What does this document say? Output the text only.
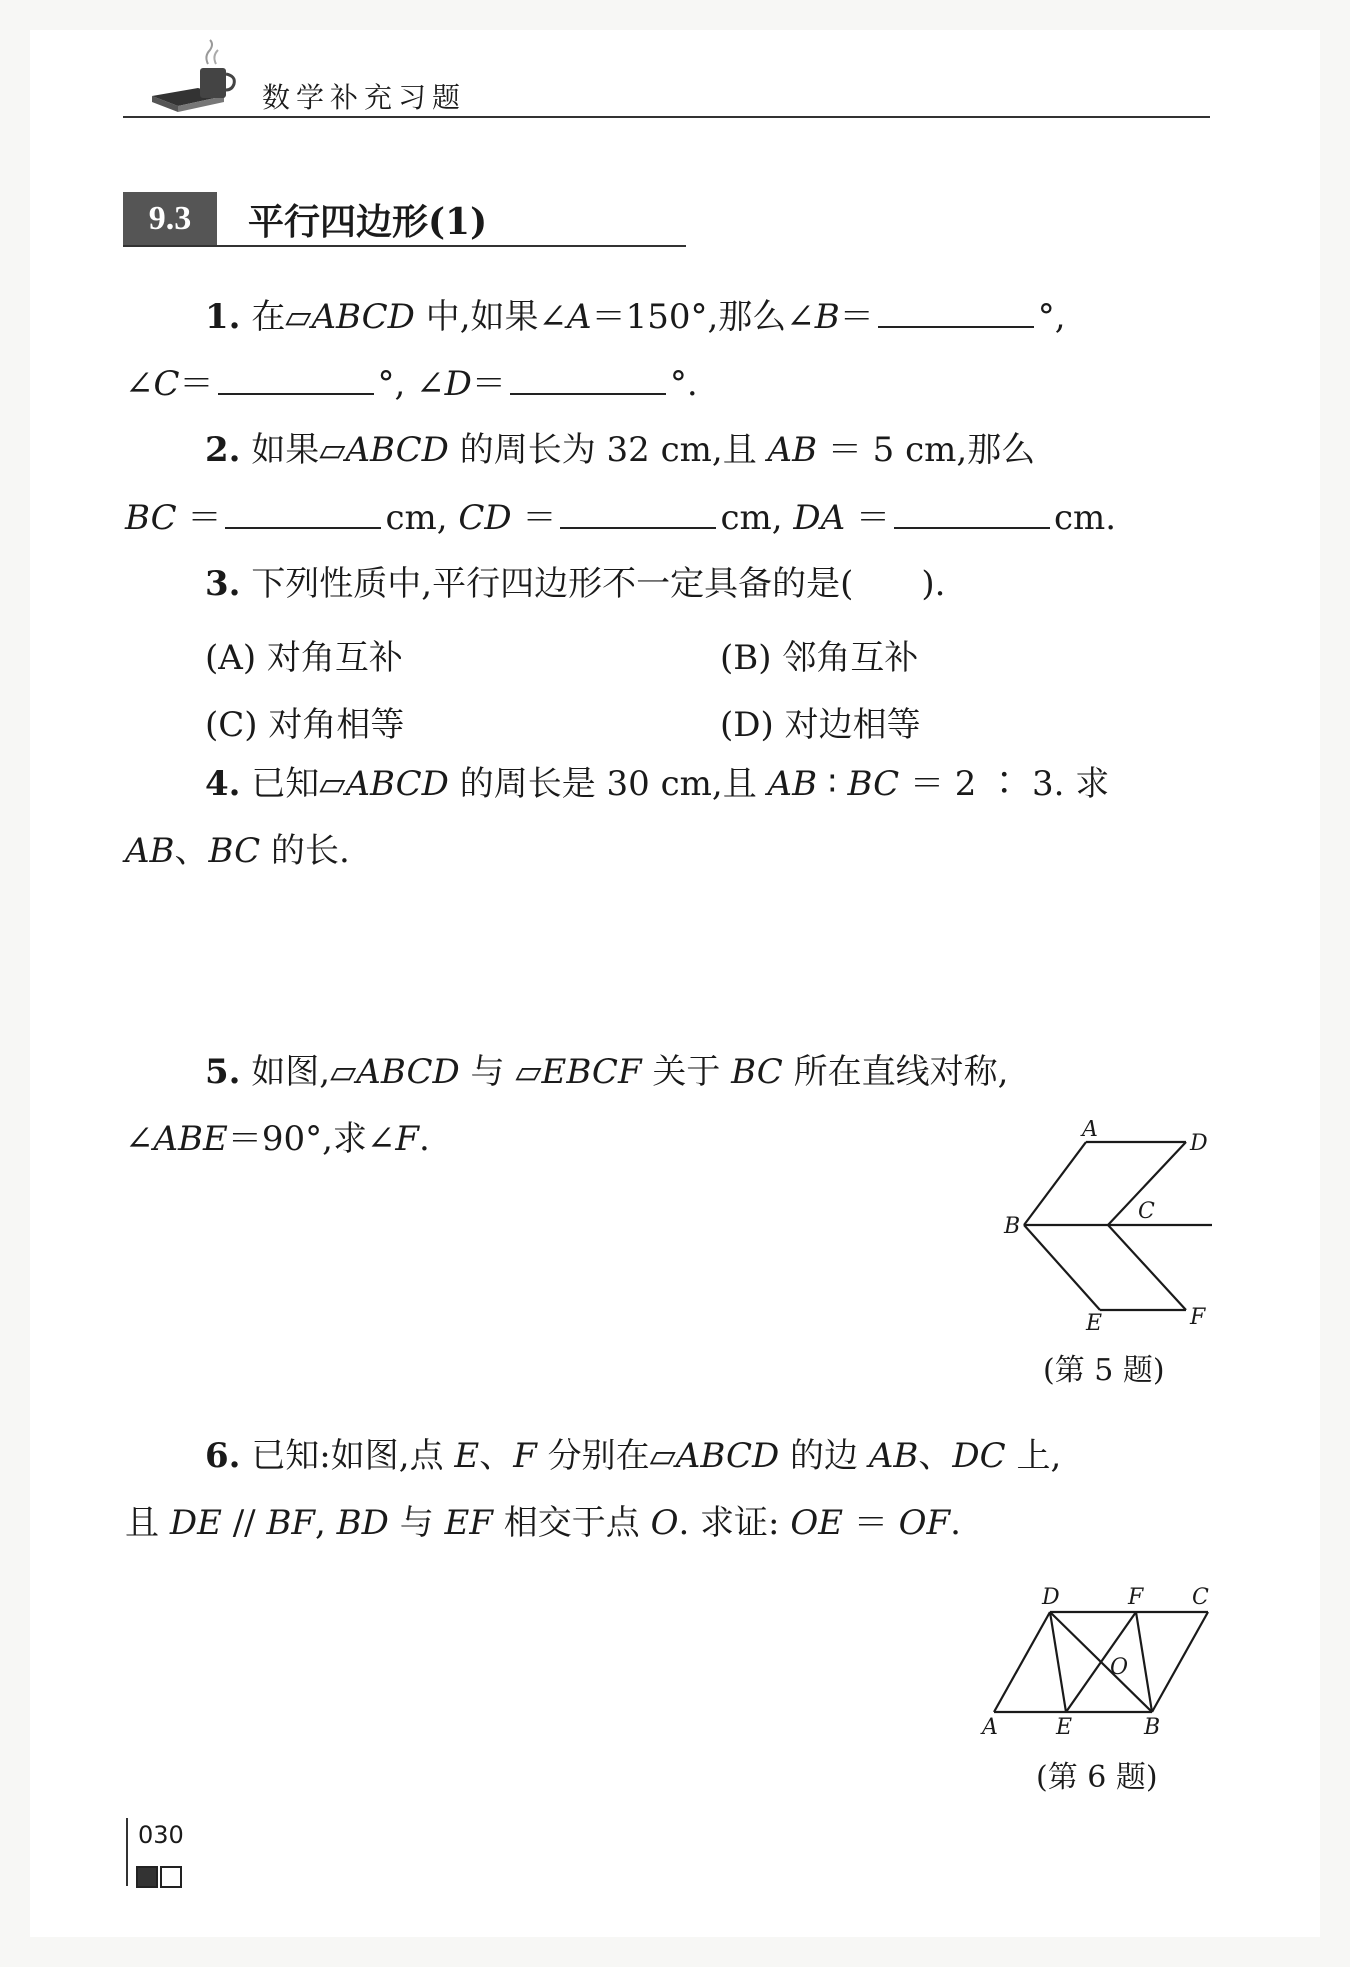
数学补充习题
9.3	平行四边形(1)
1. 在▱ABCD 中,如果∠A＝150°,那么∠B＝	°,
∠C＝	°, ∠D＝	°.
2. 如果▱ABCD 的周长为 32 cm,且 AB ＝ 5 cm,那么
BC ＝	cm, CD ＝	cm, DA ＝	cm.
3. 下列性质中,平行四边形不一定具备的是(　　).
(A) 对角互补	(B) 邻角互补
(C) 对角相等	(D) 对边相等
4. 已知▱ABCD 的周长是 30 cm,且 AB ∶ BC ＝ 2 ∶ 3. 求
AB、BC 的长.
5. 如图,▱ABCD 与 ▱EBCF 关于 BC 所在直线对称,
∠ABE＝90°,求∠F.	A
D
B
C
E	F
(第 5 题)
6. 已知:如图,点 E、F 分别在▱ABCD 的边 AB、DC 上,
且 DE // BF, BD 与 EF 相交于点 O. 求证: OE ＝ OF.
D	F C
A	E	B
O
(第 6 题)
030
